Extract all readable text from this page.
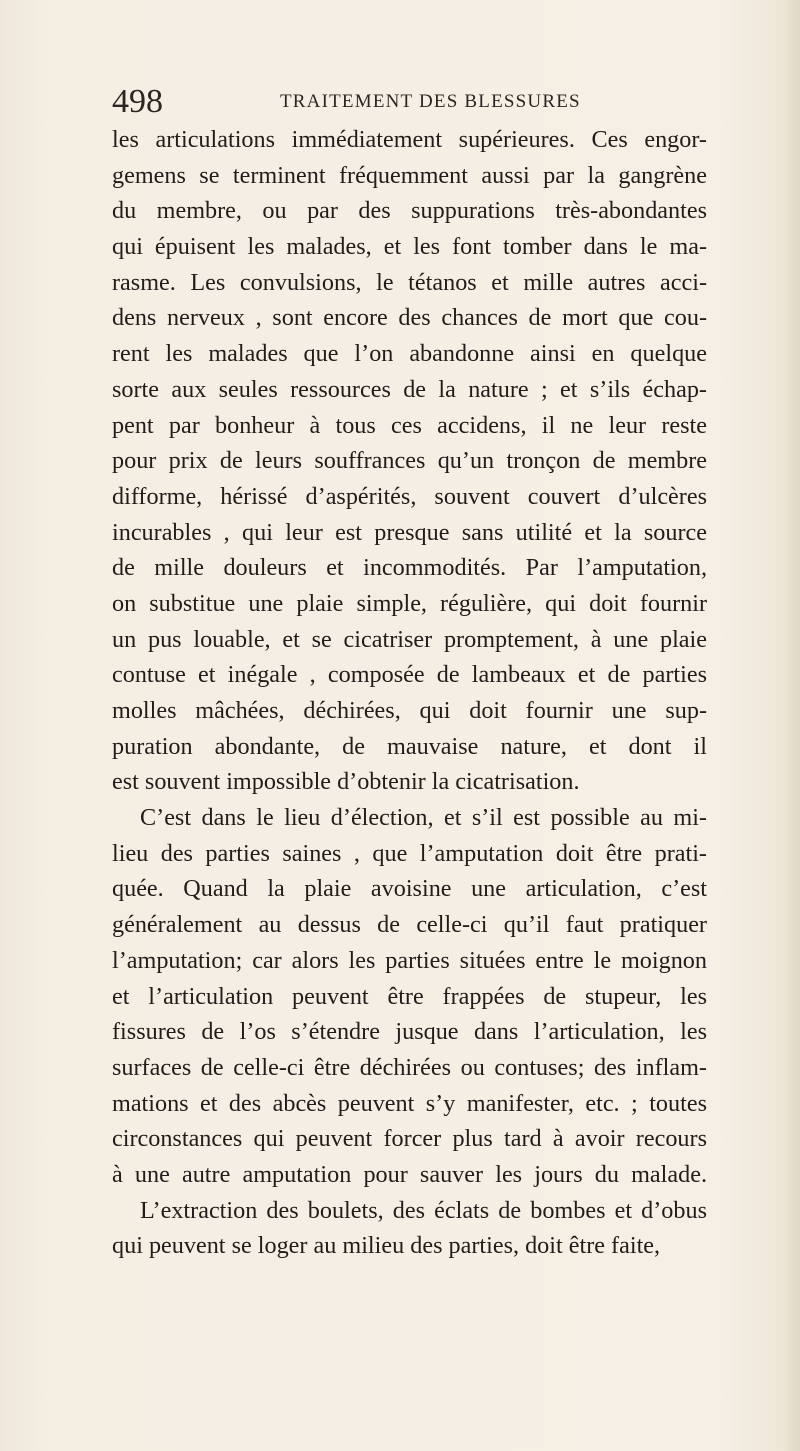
498	TRAITEMENT DES BLESSURES
les articulations immédiatement supérieures. Ces engor-
gemens se terminent fréquemment aussi par la gangrène
du membre, ou par des suppurations très-abondantes
qui épuisent les malades, et les font tomber dans le ma-
rasme. Les convulsions, le tétanos et mille autres acci-
dens nerveux , sont encore des chances de mort que cou-
rent les malades que l’on abandonne ainsi en quelque
sorte aux seules ressources de la nature ; et s’ils échap-
pent par bonheur à tous ces accidens, il ne leur reste
pour prix de leurs souffrances qu’un tronçon de membre
difforme, hérissé d’aspérités, souvent couvert d’ulcères
incurables , qui leur est presque sans utilité et la source
de mille douleurs et incommodités. Par l’amputation,
on substitue une plaie simple, régulière, qui doit fournir
un pus louable, et se cicatriser promptement, à une plaie
contuse et inégale , composée de lambeaux et de parties
molles mâchées, déchirées, qui doit fournir une sup-
puration abondante, de mauvaise nature, et dont il
est souvent impossible d’obtenir la cicatrisation.
C’est dans le lieu d’élection, et s’il est possible au mi-
lieu des parties saines , que l’amputation doit être prati-
quée. Quand la plaie avoisine une articulation, c’est
généralement au dessus de celle-ci qu’il faut pratiquer
l’amputation; car alors les parties situées entre le moignon
et l’articulation peuvent être frappées de stupeur, les
fissures de l’os s’étendre jusque dans l’articulation, les
surfaces de celle-ci être déchirées ou contuses; des inflam-
mations et des abcès peuvent s’y manifester, etc. ; toutes
circonstances qui peuvent forcer plus tard à avoir recours
à une autre amputation pour sauver les jours du malade.
L’extraction des boulets, des éclats de bombes et d’obus
qui peuvent se loger au milieu des parties, doit être faite,
